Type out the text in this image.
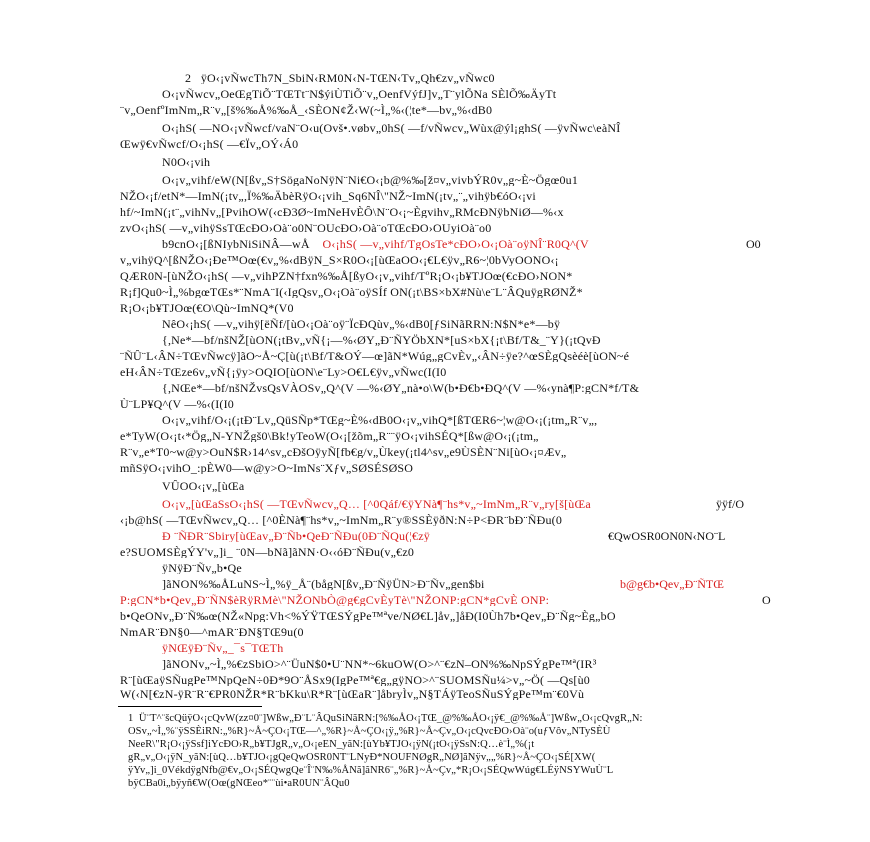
2 ÿO‹¡vÑwcTh7N_SbiN‹RM0N‹N-TŒN‹Tv„Qh€zv„vÑwc0
O‹¡vÑwcv„OeŒgTiÕ¨TŒTt¨N$ýiÙTiÕ¨v„OenfVýfJ]v„T¨ylÕNa SÈlÕ‰ÄyTt
¨v„OenfºImNm„R¨v„[š%‰Å%‰Å_‹SÈON¢Ž‹W(~Ì„%‹(¦te*—bv„%‹dB0
O‹¡hS( —NO‹¡vÑwcf/vaN¨O‹u(Ovš•.vøbv„0hS( —f/vÑwcv„Wùx@ýl¡ghS( —ÿvÑwc\eàNÎ
Œwÿ€vÑwcf/O‹¡hS( —€Ïv„OÝ‹Á0
N0O‹¡vih
O‹¡v„vihf/eW(N[ßv„S†SögaNoNÿN¨Ni€O‹¡b@%‰[ž¤v„vivbÝR0v„g~È~Ögœ0u1
NŽO‹¡f/etN*—ImN(¡tv„,Ï%‰ÄbèRÿO‹¡vih_Sq6NÎ\"NŽ~ImN(¡tv„¨„vihÿb€óO‹¡vi
hf/~ImN(¡t¨„vihNv„[PvihOW(‹cÐ3Ø~ImNeHvÈÔ\N¨O‹¡~Ègvihv„RMcÐNÿbNiØ—%‹x
zvO‹¡hS( —v„vihÿSsTŒcÐO›Oà¨o0N¨OUcÐO›Oà¨oTŒcÐO›OUyiOà¨o0
b9cnO‹¡[ßNIybNiSiNÂ—wÅ O‹¡hS( —v„vihf/TgOsTe*cÐO›O‹¡Oà¨oÿNÎ¨R0Q^(V	O0
v„vihÿQ^[ßNŽO‹¡Ðe™Oœ(€v„%‹dBÿN_S×R0O‹¡[ùŒaOO‹¡€L€ÿv„R6~¦0bVyOONO‹¡
QÆR0N-[ùNŽO‹¡hS( —v„vihPZN†fxn%‰Å[ßyO‹¡v„vihf/TºR¡O‹¡b¥TJOœ(€cÐO›NON*
R¡f]Qu0~Ì„%bgœTŒs*¨NmA¨I(‹IgQsv„O‹¡Oà¨oÿSÍf ON(¡t\BS×bX#Nù\e¨L¨ÂQuÿgRØNŽ*
R¡O‹¡b¥TJOœ(€O\Qù~ImNQ*(V0
NêO‹¡hS( —v„vihÿ[ëÑf/[ùO‹¡Oà¨oÿ¨ÏcÐQùv„%‹dB0[ƒSiNãRRN:N$N*e*—bÿ
{,Ne*—bf/nšNŽ[ùON(¡tBv„vÑ{¡—%‹ØY„Ð¨ÑYÖbXN*[uS×bX{¡t\Bf/T&_¨Y}(¡tQvÐ
¨ÑÛ¨L‹ÂN÷TŒvÑwcÿ]ãO~Å~Ç[ù(¡t\Bf/T&OÝ—œ]ãN*Wúg„gCvÈv„‹ÂN÷ÿe?^œSÈgQsèéè[ùON~é
eH‹ÂN÷TŒze6v„vÑ{¡ÿy>OQIO[ùON\e¨Ly>O€L€ÿv„vÑwc(I(I0
{,NŒe*—bf/nšNŽvsQsVÀOSv„Q^(V —%‹ØY„nà•o\W(b•Ð€b•ÐQ^(V —%‹ynà¶P:gCN*f/T&
Ù¨LP¥Q^(V —%‹(I(I0
O‹¡v„vihf/O‹¡(¡tÐ¨Lv„QüSÑp*TŒg~È%‹dB0O‹¡v„vihQ*[ßTŒR6~¦w@O‹¡(¡tm„R¨v„,
e*TyW(O‹¡t‹*Ög„N-YNŽgš0\Bk!yTeoW(O‹¡[žõm„R¨¨ÿO‹¡vihSÉQ*[ßw@O‹¡(¡tm„
R¨v„e*T0~w@y>OuN$R›14^sv„cÐšOÿyÑ[fb€g/v„Ùkey(¡tl4^sv„e9ÙSÈN¨Ni[ùO‹¡¤Æv„
mñSÿO‹¡vihO_:pÈW0—w@y>O~ImNs¨Xƒv„SØSÉSØSO
VÛOO‹¡v„[ùŒa
O‹¡v„[ùŒaSsO‹¡hS( —TŒvÑwcv„Q… [^0Qáf/€ÿYNà¶¨hs*v„~ImNm„R¨v„ry[š[ùŒa	ÿÿf/O
‹¡b@hS( —TŒvÑwcv„Q… [^0ÈNà¶¨hs*v„~ImNm„R¨y®SSÈÿðN:N÷P<ÐR¨bÐ¨ÑÐu(0
Ð ¨ÑÐR¨Sbiry[ùŒav„Ð¨Ñb•QeÐ¨ÑÐu(0Ð¨ÑQu(¦€zÿ	€QwOSR0ON0N‹NO¨L
e?SUOMSÈgÝY'v„]i_ ¨0N—bNã]ãNN·O‹‹óÐ¨ÑÐu(v„€z0
ÿNÿÐ¨Ñv„b•Qe
]ãNON%‰ÅLuNS~Ì„%ÿ_Å¨(bågN[ßv„Ð¨ÑÿÜN>Ð¨Ñv„gen$bi	b@g€b•Qev„Ð¨ÑTŒ
P:gCN*b•Qev„Ð¨ÑN$èRÿRMè\"NŽONbÒ@g€gCvÈyTè\"NŽONP:gCN*gCvÈ ONP:	O
b•QeONv„Ð¨Ñ‰œ(NŽ«Npg:Vh<%ÝŸTŒSÝgPe™ªve/NØ€L]åv„]åÐ(I0Ùh7b•Qev„Ð¨Ñg~Èg„bO
NmAR¨ÐN§0—^mAR¨ÐN§TŒ9u(0
ÿNŒÿÐ¨Ñv„_¯s¯TŒTh
]ãNONv„~Ì„%€zSbiO>^¨ÜuN$0•U¨NN*~6kuOW(O>^¨€zN–ON%‰NpSÝgPe™ª(IR³
R¨[ùŒaÿSÑugPe™NpQeN÷0Ð*9O¨ÅSx9(IgPe™ª€g„gÿNO>^¨SUOMSÑu¼>v„~Ö( —Qs[ù0
W(‹N[€zN-ÿR¨R¨€PR0NŽR*R¨bKku\R*R¨[ùŒaR¨]åbryÌv„N§TÁÿTeoSÑuSÝgPe™m¨€0Vù
1 Ü¨T^¨šcQüÿO‹¡cQvW(zz¤0¨]Wßw„Ð¨L¨ÂQuSiNãRN:[%‰ÅO‹¡TŒ_@%‰ÅO‹¡ÿ€_@%‰Å¨]Wßw„O‹¡cQvgR„N:
OSv„~Ì„%¨ÿSSÈiRN:„%R}~Å~ÇO‹¡TŒ—^„%R}~Å~ÇO‹¡ÿ„%R}~Å~Çv„O‹¡cQvcÐO›Oà¨o(uƒVôv„NTySÈÙ
NeeR\"R¡O‹¡ÿSsf]iYcÐO›R„b¥TJgR„v„O‹¡eEN_yãN:[ùYb¥TJO‹¡ÿN(¡tO‹¡ÿSsN:Q…è¨Ì„%(¡t
gR„v„O‹¡ÿN_yãN:[ùQ…b¥TJO‹¡gQeQwOSR0NT¨LNyÐ*NOUFNØgR„NØ]ãNÿv„„%R}~Å~ÇO‹¡SÉ[XW(
ÿYv„]i_0VékdÿgNfb@€v„O‹¡SÉQwgQe¨Î¨N‰%ÅNã]ãNR6¨„%R}~Å~Çv„*R¡O‹¡SÉQwWúg€LÉÿNSYWuÙ¨L
bÿCBa0ì„bÿyñ€W(Oœ(gNŒeo*¨¨ùi•aR0UN¨ÂQu0
